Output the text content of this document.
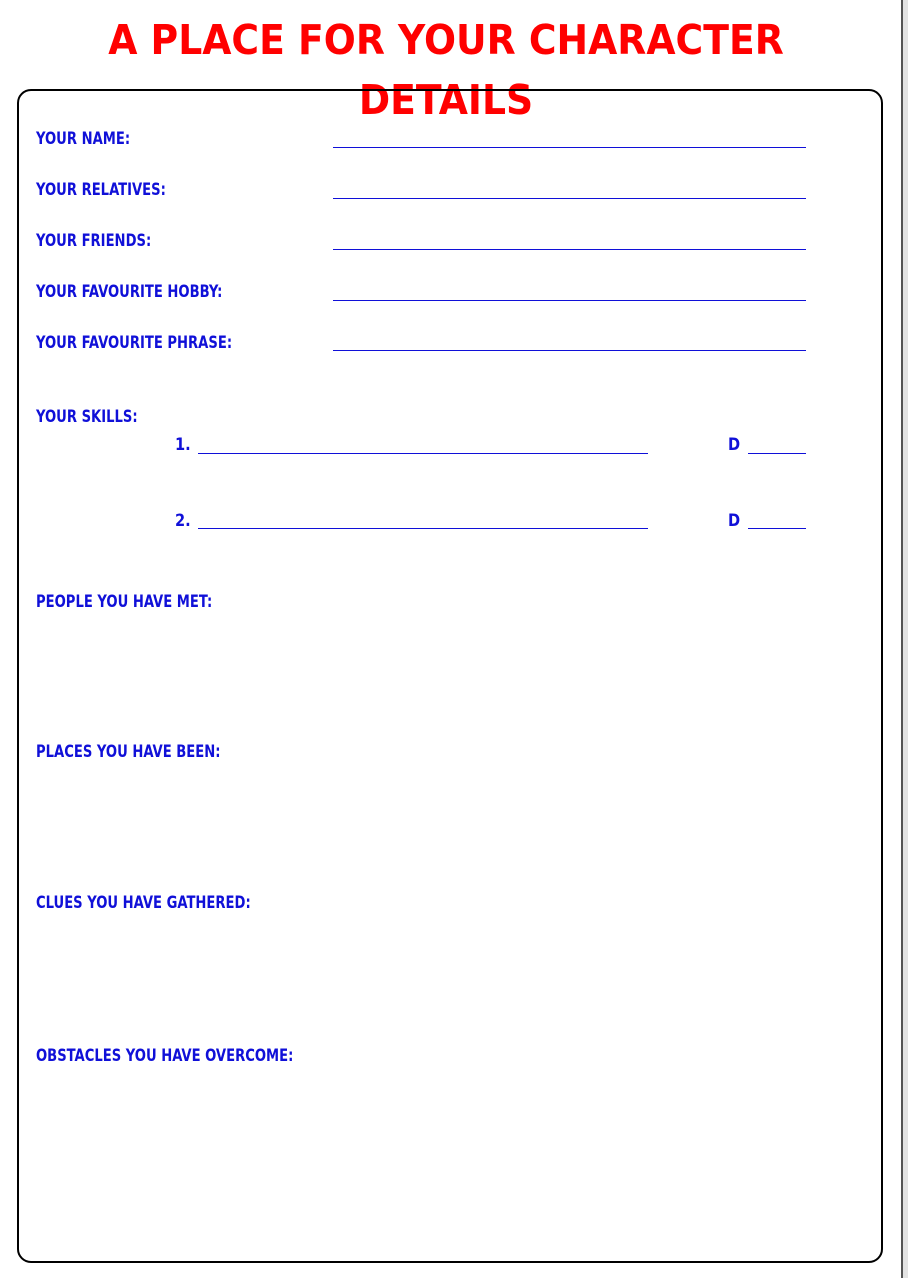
A PLACE FOR YOUR CHARACTER DETAILS
YOUR NAME:
YOUR RELATIVES:
YOUR FRIENDS:
YOUR FAVOURITE HOBBY:
YOUR FAVOURITE PHRASE:
YOUR SKILLS:
1.	D
2.	D
PEOPLE YOU HAVE MET:
PLACES YOU HAVE BEEN:
CLUES YOU HAVE GATHERED:
OBSTACLES YOU HAVE OVERCOME:
